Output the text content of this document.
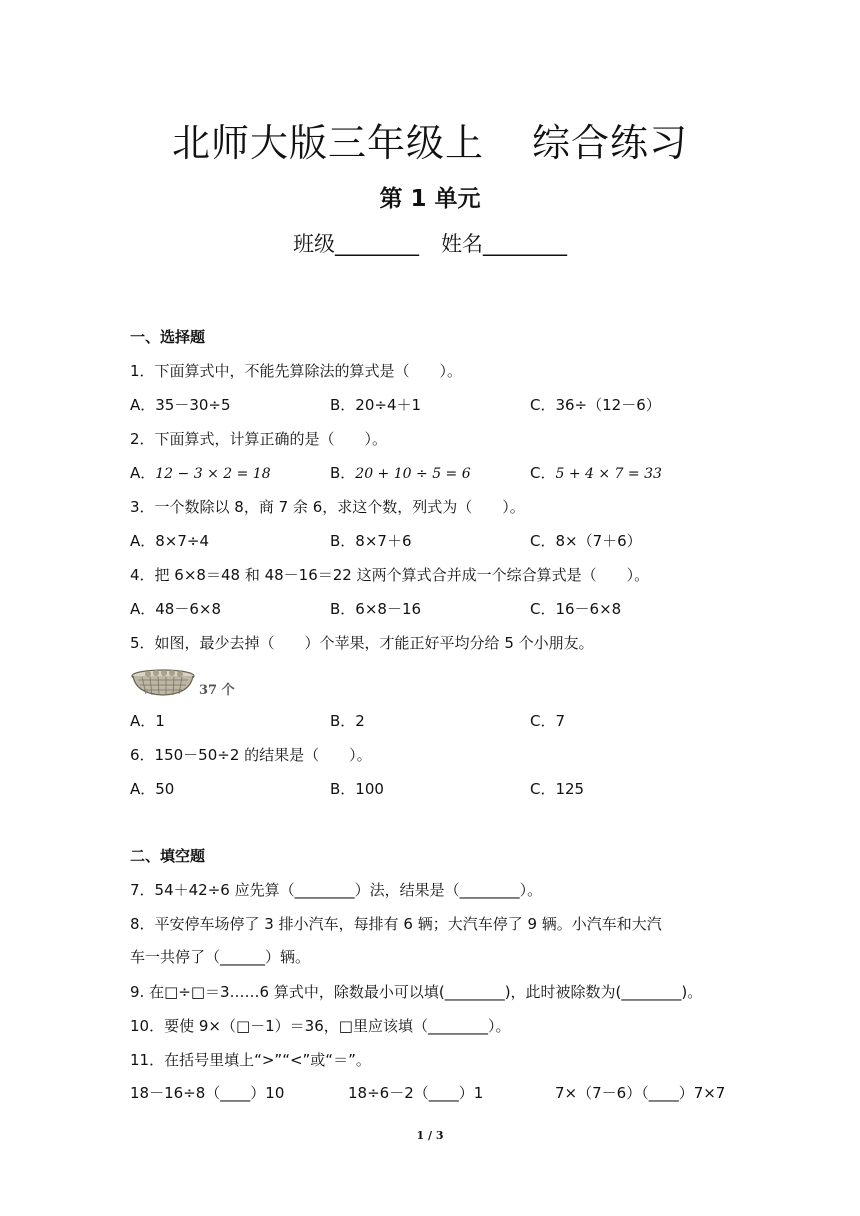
北师大版三年级上 综合练习
第 1 单元
班级________ 姓名________
一、选择题
1．下面算式中，不能先算除法的算式是（　　）。
A．35－30÷5	B．20÷4＋1	C．36÷（12－6）
2．下面算式，计算正确的是（　　）。
A．12 − 3 × 2 = 18	B．20 + 10 ÷ 5 = 6	C．5 + 4 × 7 = 33
3．一个数除以 8，商 7 余 6，求这个数，列式为（　　）。
A．8×7÷4	B．8×7＋6	C．8×（7＋6）
4．把 6×8＝48 和 48－16＝22 这两个算式合并成一个综合算式是（　　）。
A．48－6×8	B．6×8－16	C．16－6×8
5．如图，最少去掉（　　）个苹果，才能正好平均分给 5 个小朋友。
37 个
A．1	B．2	C．7
6．150－50÷2 的结果是（　　）。
A．50	B．100	C．125
二、填空题
7．54＋42÷6 应先算（________）法，结果是（________）。
8．平安停车场停了 3 排小汽车，每排有 6 辆；大汽车停了 9 辆。小汽车和大汽
车一共停了（______）辆。
9. 在□÷□＝3……6 算式中，除数最小可以填(________)，此时被除数为(________)。
10．要使 9×（□－1）＝36，□里应该填（________）。
11．在括号里填上“>”“<”或“＝”。
18－16÷8（____）10	18÷6－2（____）1	7×（7－6）（____）7×7
1 / 3
